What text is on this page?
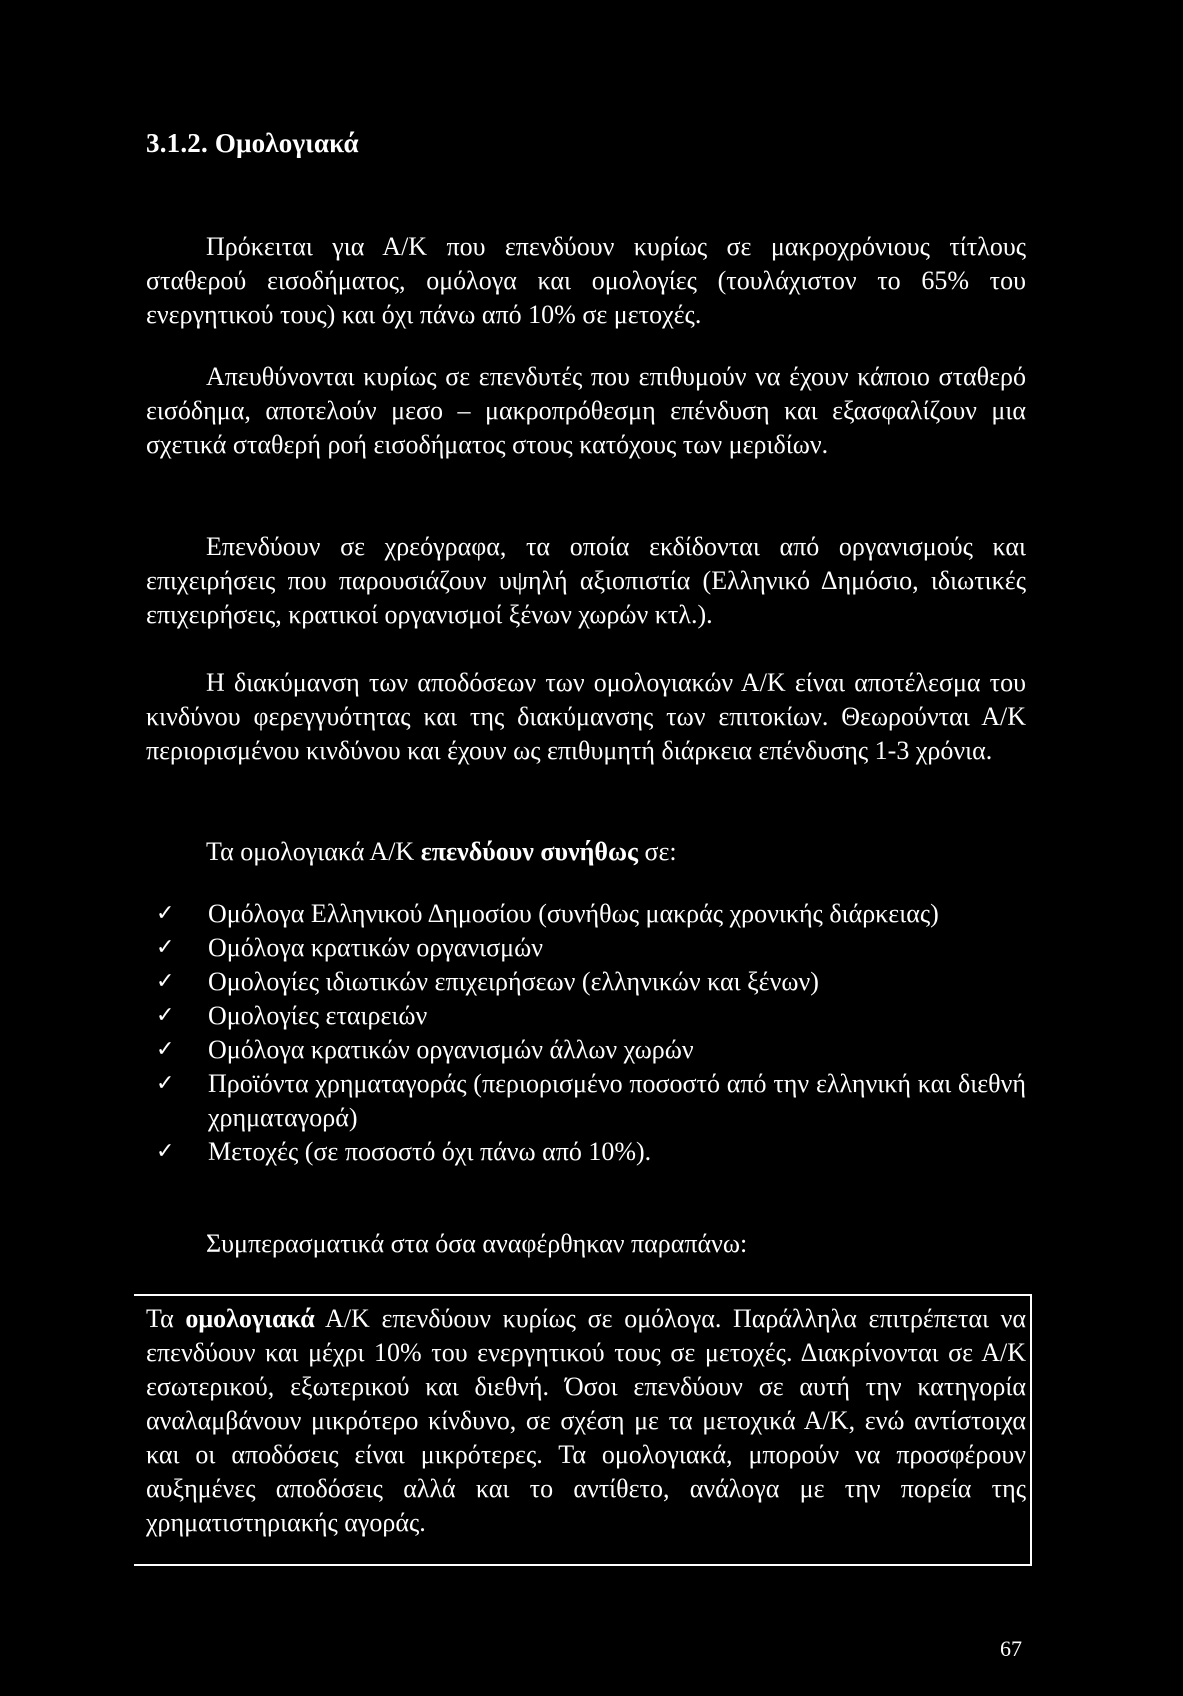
3.1.2. Ομολογιακά
Πρόκειται για Α/Κ που επενδύουν κυρίως σε μακροχρόνιους τίτλους σταθερού εισοδήματος, ομόλογα και ομολογίες (τουλάχιστον το 65% του ενεργητικού τους) και όχι πάνω από 10% σε μετοχές.
Απευθύνονται κυρίως σε επενδυτές που επιθυμούν να έχουν κάποιο σταθερό εισόδημα, αποτελούν μεσο – μακροπρόθεσμη επένδυση και εξασφαλίζουν μια σχετικά σταθερή ροή εισοδήματος στους κατόχους των μεριδίων.
Επενδύουν σε χρεόγραφα, τα οποία εκδίδονται από οργανισμούς και επιχειρήσεις που παρουσιάζουν υψηλή αξιοπιστία (Ελληνικό Δημόσιο, ιδιωτικές επιχειρήσεις, κρατικοί οργανισμοί ξένων χωρών κτλ.).
Η διακύμανση των αποδόσεων των ομολογιακών Α/Κ είναι αποτέλεσμα του κινδύνου φερεγγυότητας και της διακύμανσης των επιτοκίων. Θεωρούνται Α/Κ περιορισμένου κινδύνου και έχουν ως επιθυμητή διάρκεια επένδυσης 1-3 χρόνια.
Τα ομολογιακά Α/Κ επενδύουν συνήθως σε:
✓ Ομόλογα Ελληνικού Δημοσίου (συνήθως μακράς χρονικής διάρκειας)
✓ Ομόλογα κρατικών οργανισμών
✓ Ομολογίες ιδιωτικών επιχειρήσεων (ελληνικών και ξένων)
✓ Ομολογίες εταιρειών
✓ Ομόλογα κρατικών οργανισμών άλλων χωρών
✓ Προϊόντα χρηματαγοράς (περιορισμένο ποσοστό από την ελληνική και διεθνή χρηματαγορά)
✓ Μετοχές (σε ποσοστό όχι πάνω από 10%).
Συμπερασματικά στα όσα αναφέρθηκαν παραπάνω:
Τα ομολογιακά Α/Κ επενδύουν κυρίως σε ομόλογα. Παράλληλα επιτρέπεται να επενδύουν και μέχρι 10% του ενεργητικού τους σε μετοχές. Διακρίνονται σε Α/Κ εσωτερικού, εξωτερικού και διεθνή. Όσοι επενδύουν σε αυτή την κατηγορία αναλαμβάνουν μικρότερο κίνδυνο, σε σχέση με τα μετοχικά Α/Κ, ενώ αντίστοιχα και οι αποδόσεις είναι μικρότερες. Τα ομολογιακά, μπορούν να προσφέρουν αυξημένες αποδόσεις αλλά και το αντίθετο, ανάλογα με την πορεία της χρηματιστηριακής αγοράς.
67
